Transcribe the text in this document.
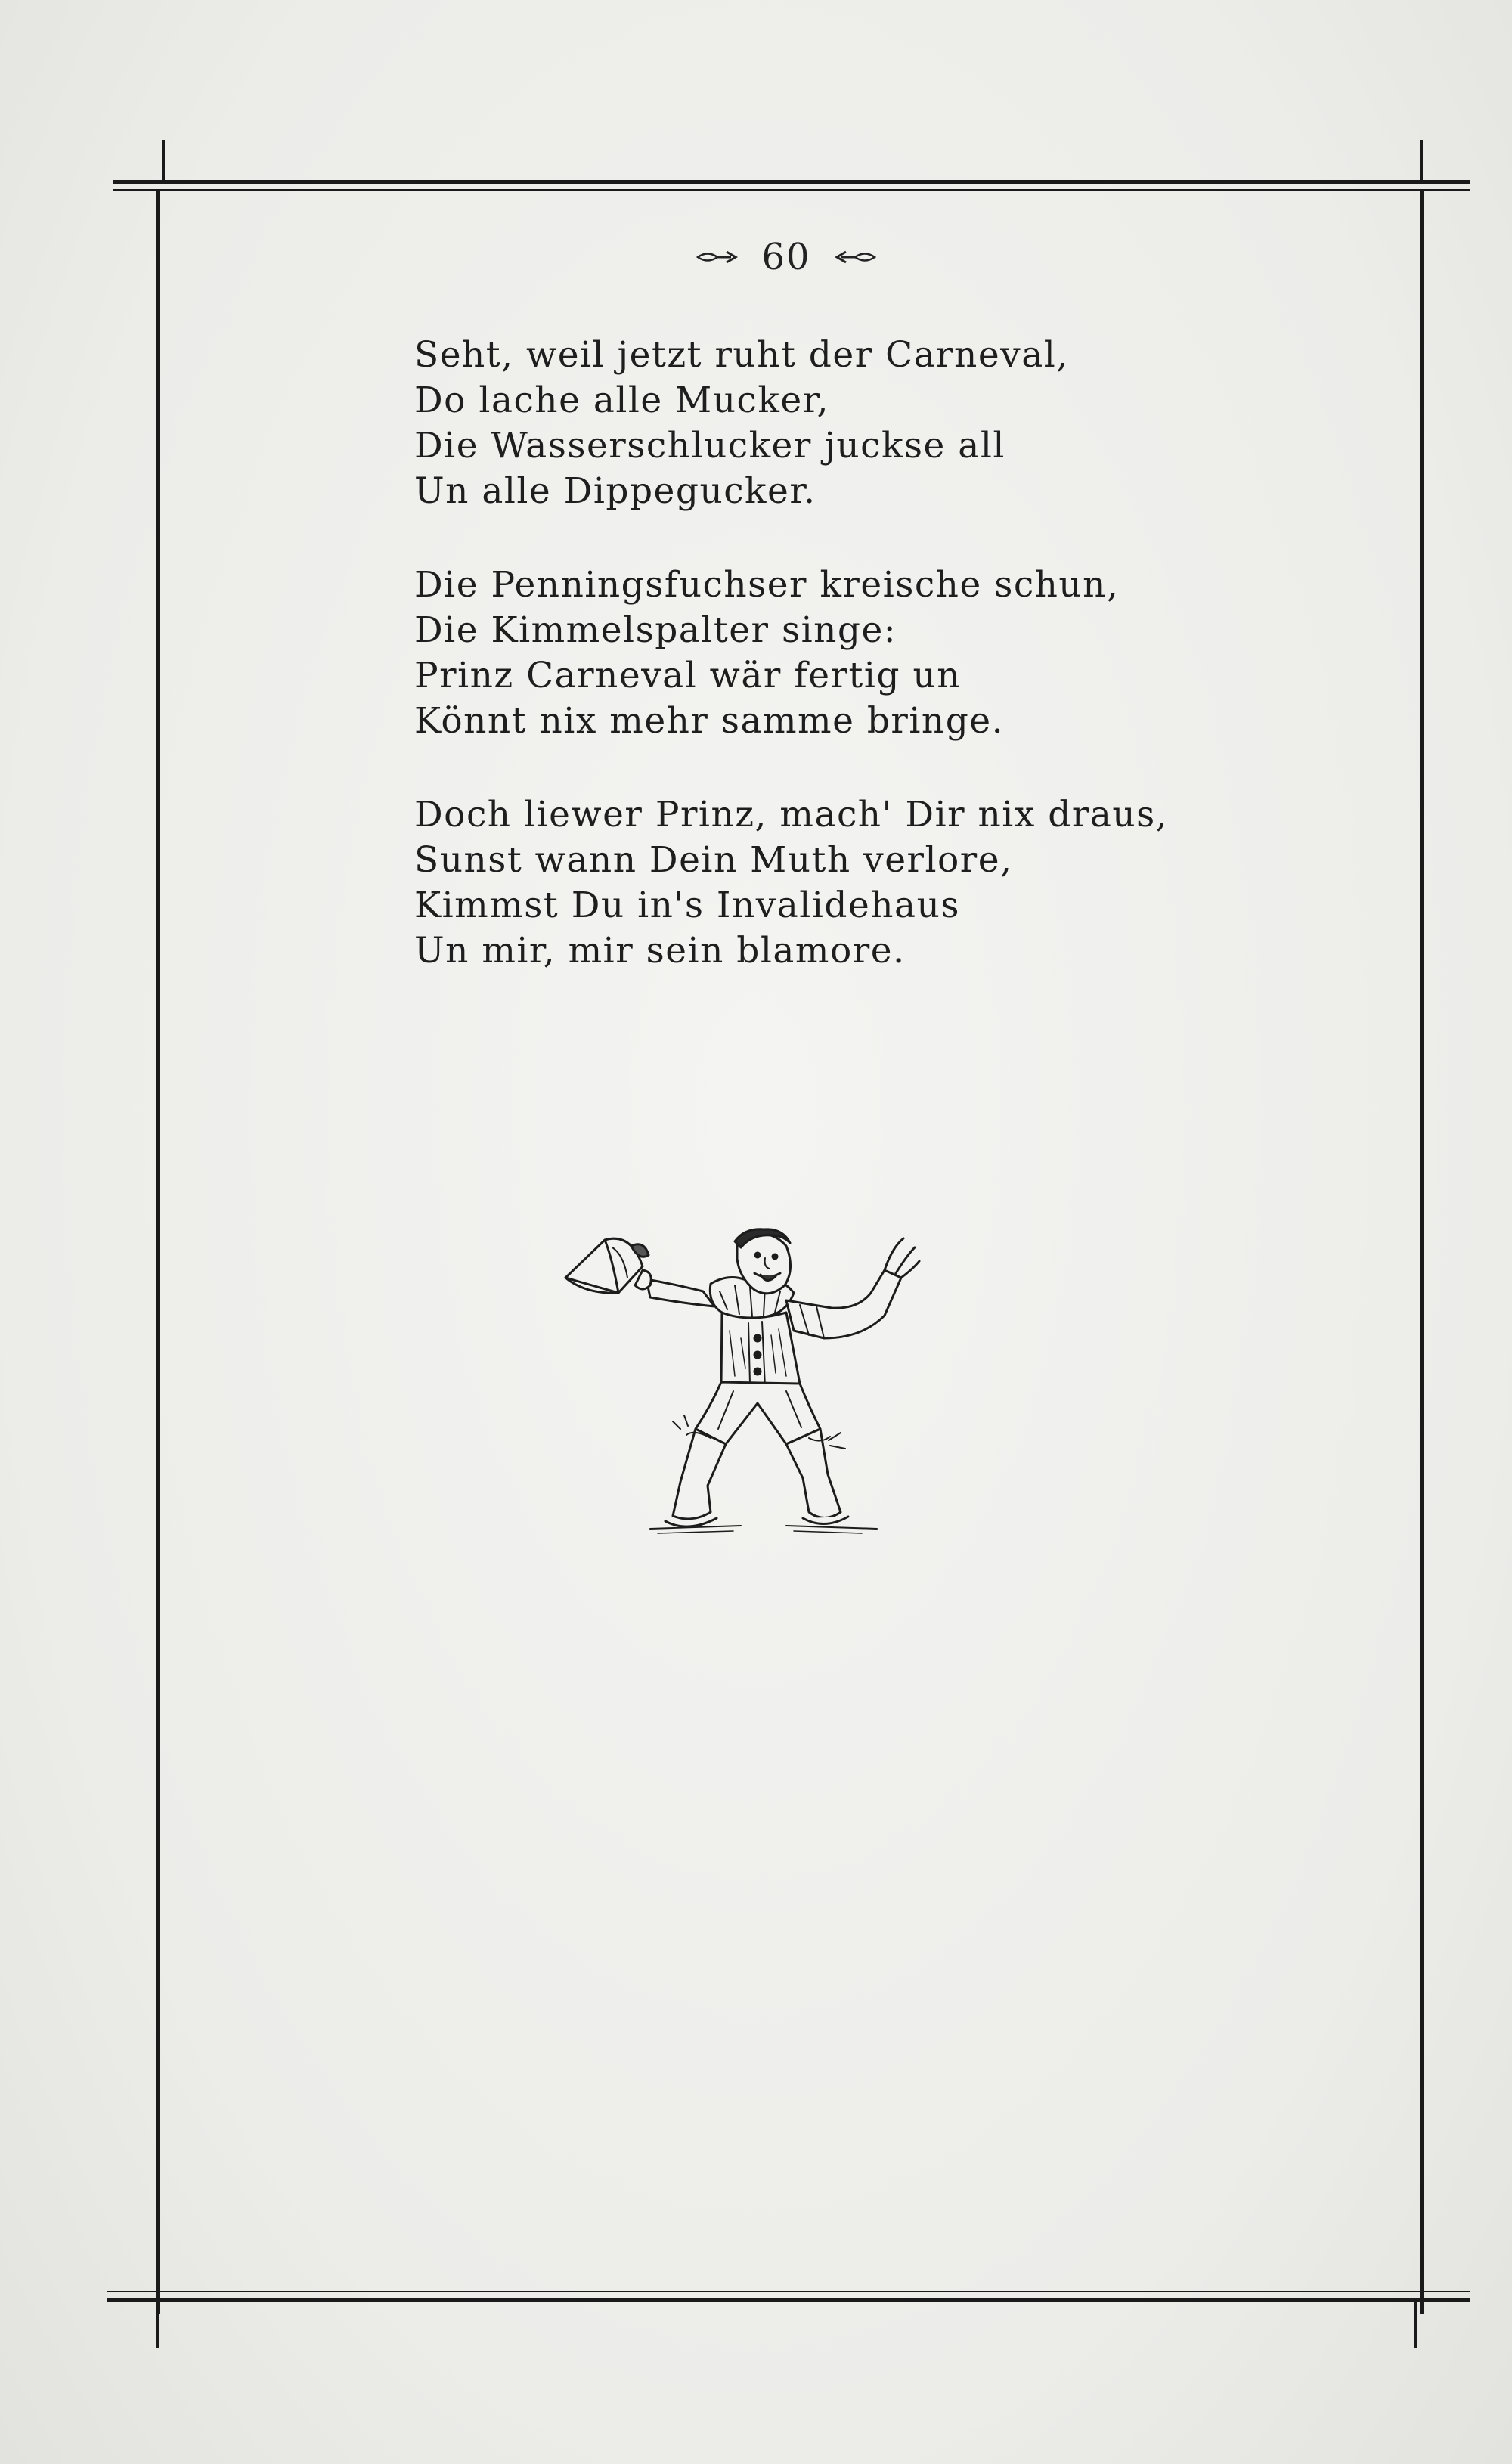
60
Seht, weil jetzt ruht der Carneval,
Do lache alle Mucker,
Die Wasserschlucker juckse all
Un alle Dippegucker.
Die Penningsfuchser kreische schun,
Die Kimmelspalter singe:
Prinz Carneval wär fertig un
Könnt nix mehr samme bringe.
Doch liewer Prinz, mach' Dir nix draus,
Sunst wann Dein Muth verlore,
Kimmst Du in's Invalidehaus
Un mir, mir sein blamore.
